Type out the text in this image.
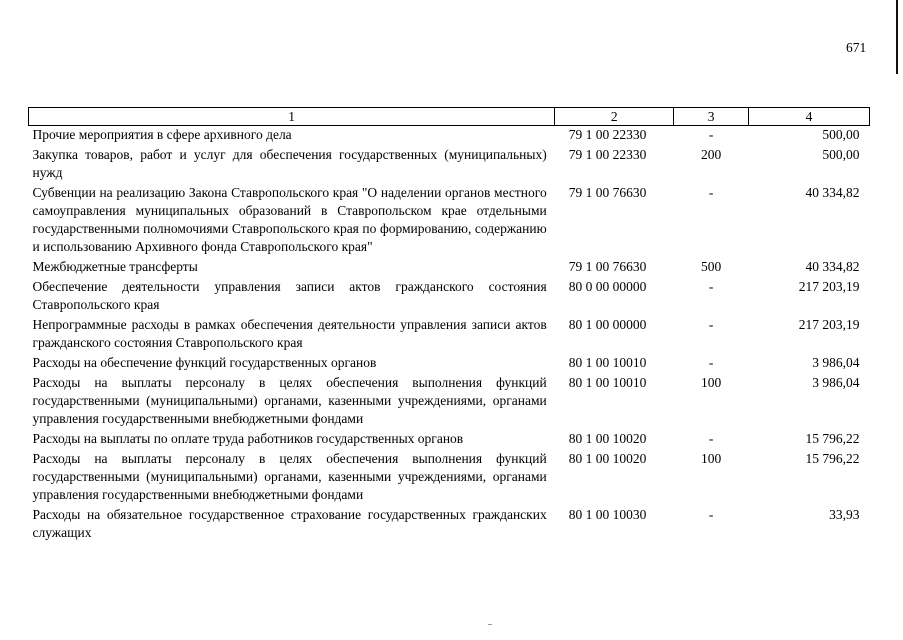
671
1	2	3	4
Прочие мероприятия в сфере архивного дела	79 1 00 22330	-	500,00
Закупка товаров, работ и услуг для обеспечения государственных (муниципальных) нужд	79 1 00 22330	200	500,00
Субвенции на реализацию Закона Ставропольского края "О наделении органов местного самоуправления муниципальных образований в Ставропольском крае отдельными государственными полномочиями Ставропольского края по формированию, содержанию и использованию Архивного фонда Ставропольского края"	79 1 00 76630	-	40 334,82
Межбюджетные трансферты	79 1 00 76630	500	40 334,82
Обеспечение деятельности управления записи актов гражданского состояния Ставропольского края	80 0 00 00000	-	217 203,19
Непрограммные расходы в рамках обеспечения деятельности управления записи актов гражданского состояния Ставропольского края	80 1 00 00000	-	217 203,19
Расходы на обеспечение функций государственных органов	80 1 00 10010	-	3 986,04
Расходы на выплаты персоналу в целях обеспечения выполнения функций государственными (муниципальными) органами, казенными учреждениями, органами управления государственными внебюджетными фондами	80 1 00 10010	100	3 986,04
Расходы на выплаты по оплате труда работников государственных органов	80 1 00 10020	-	15 796,22
Расходы на выплаты персоналу в целях обеспечения выполнения функций государственными (муниципальными) органами, казенными учреждениями, органами управления государственными внебюджетными фондами	80 1 00 10020	100	15 796,22
Расходы на обязательное государственное страхование государственных гражданских служащих	80 1 00 10030	-	33,93
